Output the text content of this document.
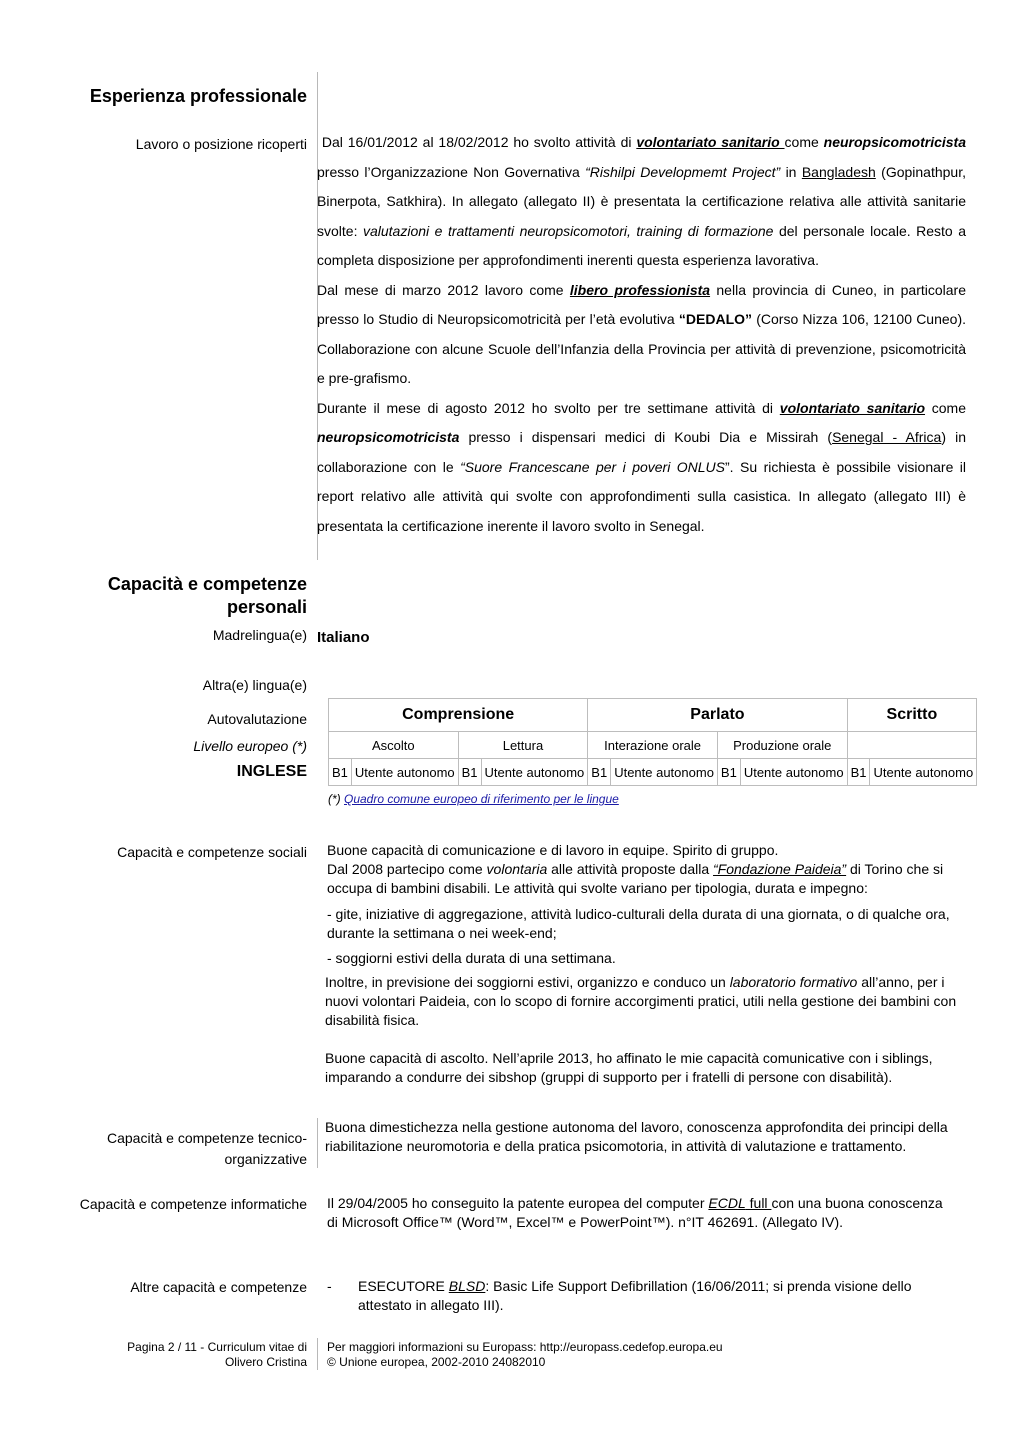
Esperienza professionale
Lavoro o posizione ricoperti	Dal 16/01/2012 al 18/02/2012 ho svolto attività di volontariato sanitario come neuropsicomotricista presso l’Organizzazione Non Governativa “Rishilpi Developmemt Project” in Bangladesh (Gopinathpur, Binerpota, Satkhira). In allegato (allegato II) è presentata la certificazione relativa alle attività sanitarie svolte: valutazioni e trattamenti neuropsicomotori, training di formazione del personale locale. Resto a completa disposizione per approfondimenti inerenti questa esperienza lavorativa.

Dal mese di marzo 2012 lavoro come libero professionista nella provincia di Cuneo, in particolare presso lo Studio di Neuropsicomotricità per l’età evolutiva “DEDALO” (Corso Nizza 106, 12100 Cuneo). Collaborazione con alcune Scuole dell’Infanzia della Provincia per attività di prevenzione, psicomotricità e pre-grafismo.

Durante il mese di agosto 2012 ho svolto per tre settimane attività di volontariato sanitario come neuropsicomotricista presso i dispensari medici di Koubi Dia e Missirah (Senegal - Africa) in collaborazione con le “Suore Francescane per i poveri ONLUS”. Su richiesta è possibile visionare il report relativo alle attività qui svolte con approfondimenti sulla casistica. In allegato (allegato III) è presentata la certificazione inerente il lavoro svolto in Senegal.

Capacità e competenze
personali
Madrelingua(e) Italiano
Altra(e) lingua(e)
Autovalutazione
Livello europeo (*)
INGLESE
Comprensione				Parlato				Scritto	
Ascolto		Lettura		Interazione orale		Produzione orale			
B1	Utente autonomo	B1	Utente autonomo	B1	Utente autonomo	B1	Utente autonomo	B1	Utente autonomo
(*) Quadro comune europeo di riferimento per le lingue
Capacità e competenze sociali Buone capacità di comunicazione e di lavoro in equipe. Spirito di gruppo.

Dal 2008 partecipo come volontaria alle attività proposte dalla “Fondazione Paideia” di Torino che si occupa di bambini disabili. Le attività qui svolte variano per tipologia, durata e impegno:

- gite, iniziative di aggregazione, attività ludico-culturali della durata di una giornata, o di qualche ora, durante la settimana o nei week-end;

- soggiorni estivi della durata di una settimana.

Inoltre, in previsione dei soggiorni estivi, organizzo e conduco un laboratorio formativo all’anno, per i nuovi volontari Paideia, con lo scopo di fornire accorgimenti pratici, utili nella gestione dei bambini con disabilità fisica.

Buone capacità di ascolto. Nell’aprile 2013, ho affinato le mie capacità comunicative con i siblings, imparando a condurre dei sibshop (gruppi di supporto per i fratelli di persone con disabilità).

Capacità e competenze tecnico-
organizzative
Buona dimestichezza nella gestione autonoma del lavoro, conoscenza approfondita dei principi della riabilitazione neuromotoria e della pratica psicomotoria, in attività di valutazione e trattamento.
Capacità e competenze informatiche Il 29/04/2005 ho conseguito la patente europea del computer ECDL full con una buona conoscenza di Microsoft Office™ (Word™, Excel™ e PowerPoint™). n°IT 462691. (Allegato IV).
Altre capacità e competenze - ESECUTORE BLSD: Basic Life Support Defibrillation (16/06/2011; si prenda visione dello attestato in allegato III).
Pagina 2 / 11 - Curriculum vitae di
Olivero Cristina
Per maggiori informazioni su Europass: http://europass.cedefop.europa.eu
© Unione europea, 2002-2010 24082010
